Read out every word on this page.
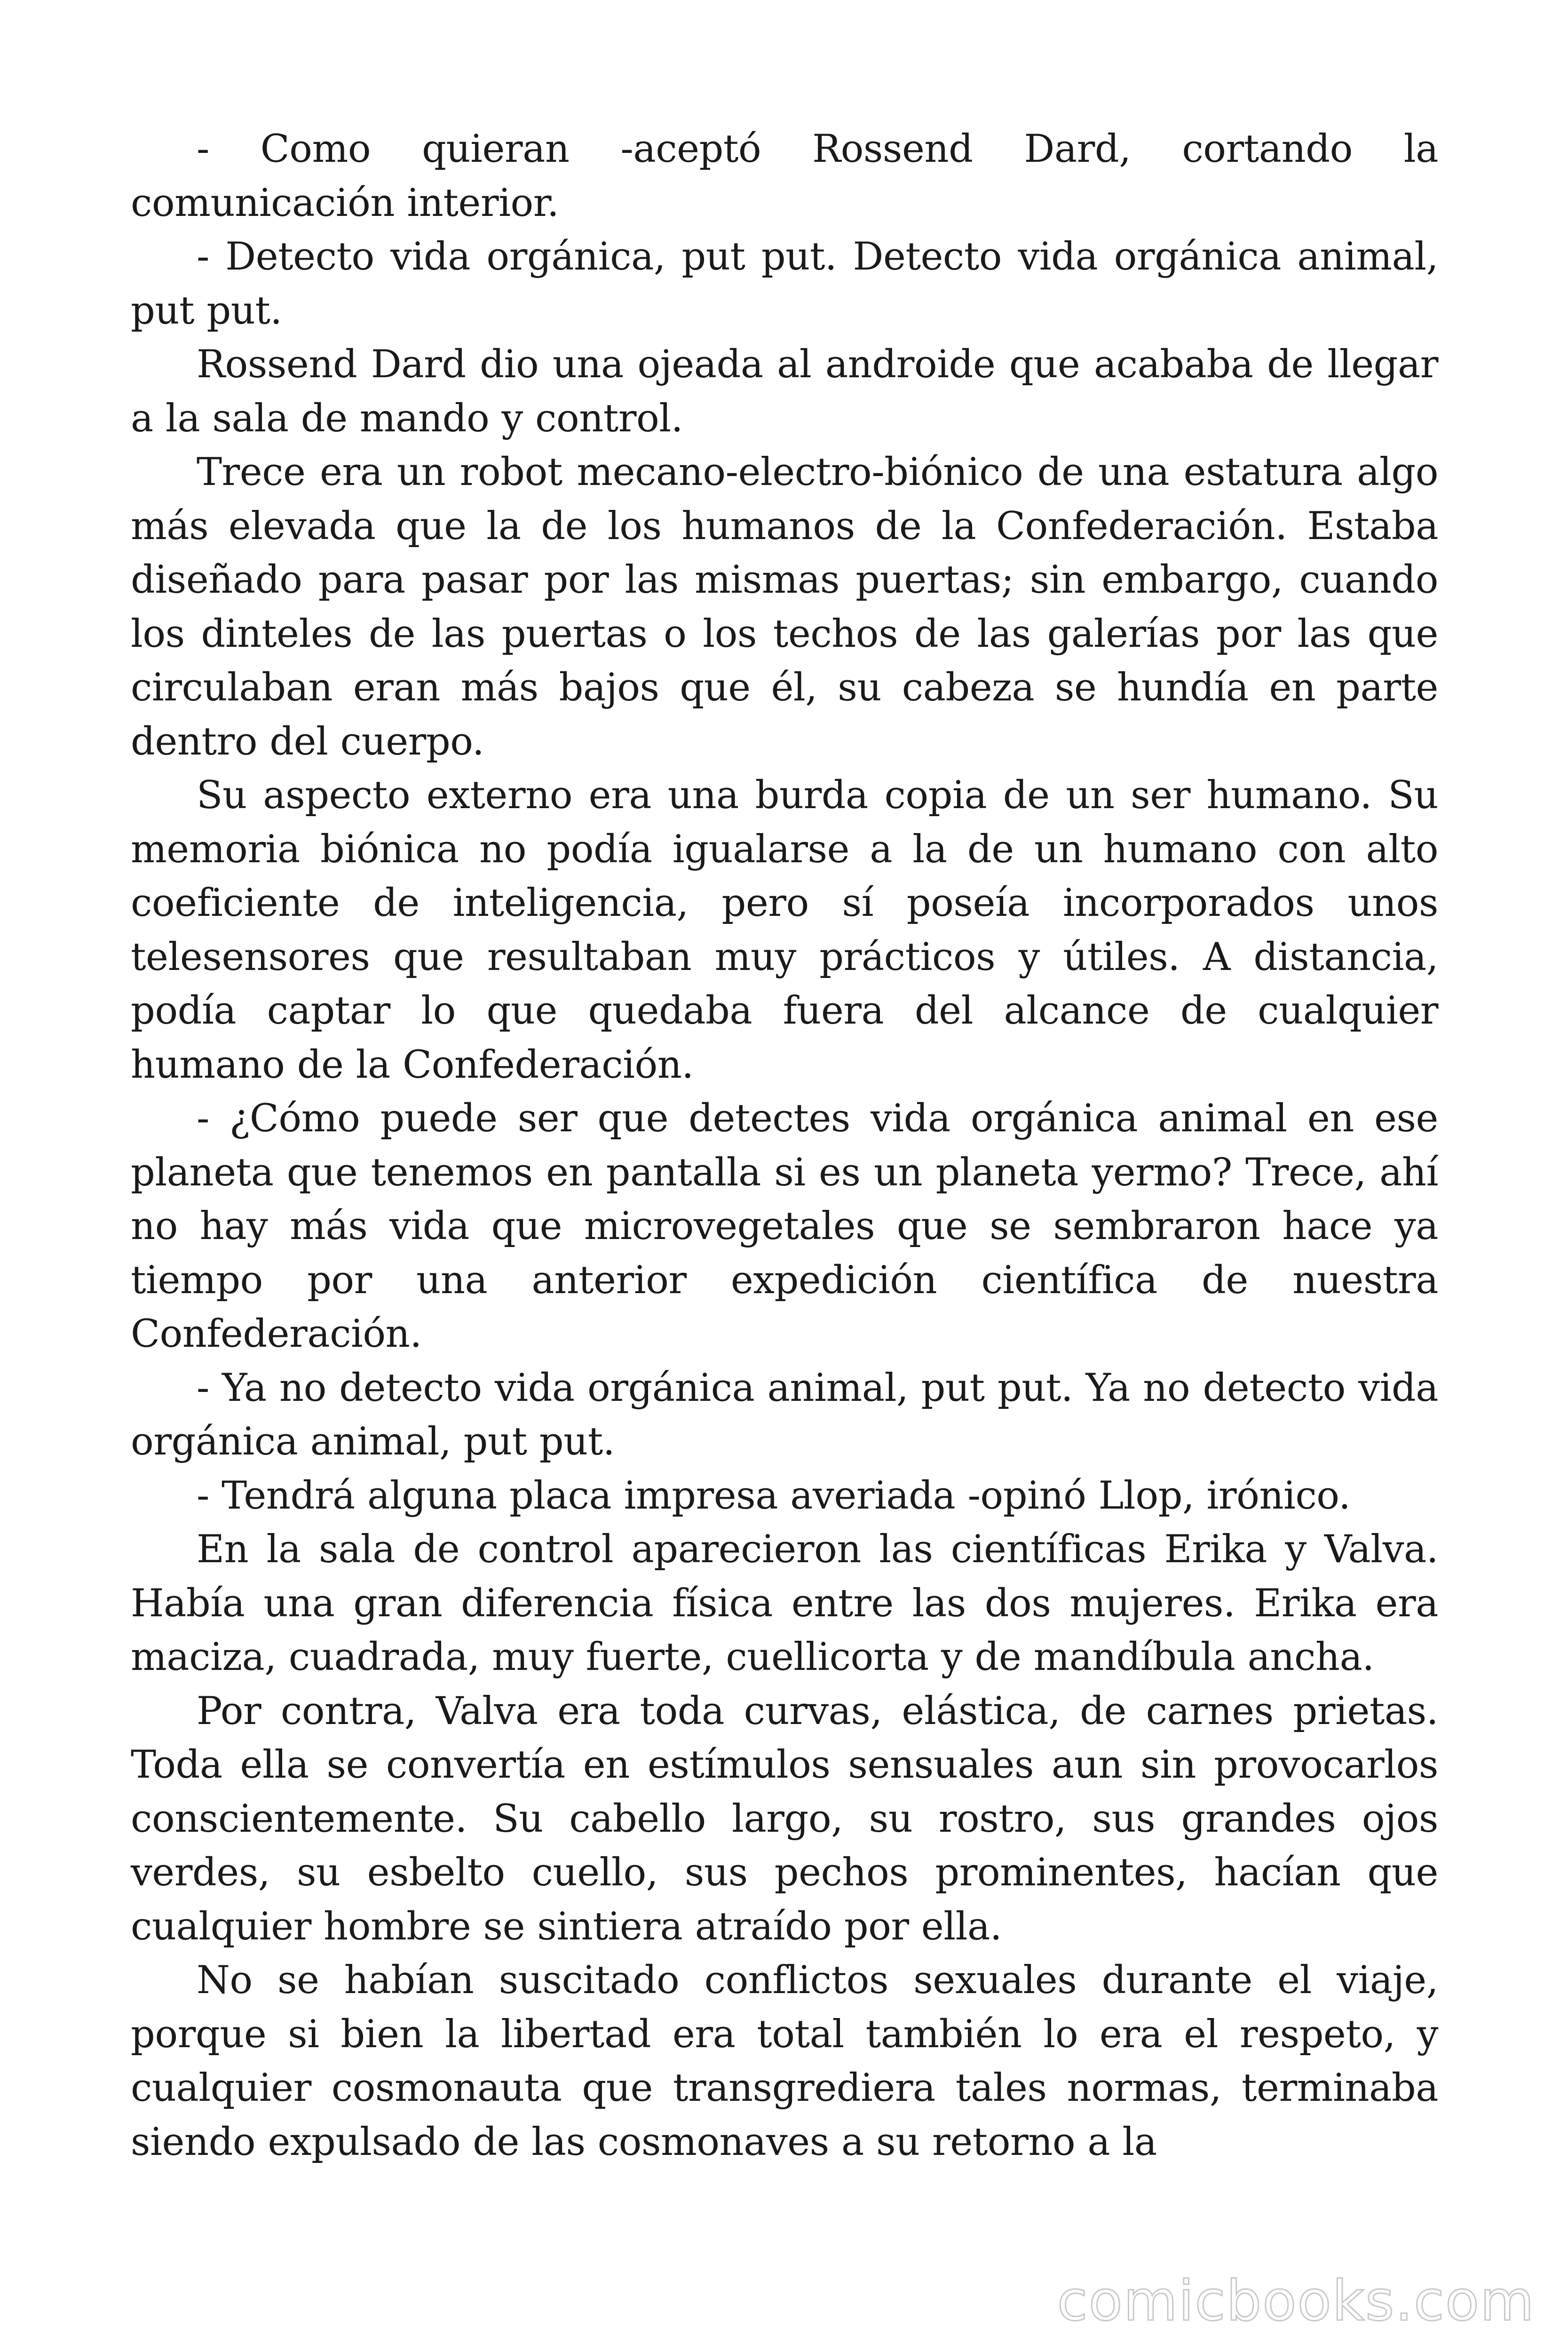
- Como quieran -aceptó Rossend Dard, cortando la comunicación interior.

- Detecto vida orgánica, put put. Detecto vida orgánica animal, put put.

Rossend Dard dio una ojeada al androide que acababa de llegar a la sala de mando y control.

Trece era un robot mecano-electro-biónico de una estatura algo más elevada que la de los humanos de la Confederación. Estaba diseñado para pasar por las mismas puertas; sin embargo, cuando los dinteles de las puertas o los techos de las galerías por las que circulaban eran más bajos que él, su cabeza se hundía en parte dentro del cuerpo.

Su aspecto externo era una burda copia de un ser humano. Su memoria biónica no podía igualarse a la de un humano con alto coeficiente de inteligencia, pero sí poseía incorporados unos telesensores que resultaban muy prácticos y útiles. A distancia, podía captar lo que quedaba fuera del alcance de cualquier humano de la Confederación.

- ¿Cómo puede ser que detectes vida orgánica animal en ese planeta que tenemos en pantalla si es un planeta yermo? Trece, ahí no hay más vida que microvegetales que se sembraron hace ya tiempo por una anterior expedición científica de nuestra Confederación.

- Ya no detecto vida orgánica animal, put put. Ya no detecto vida orgánica animal, put put.

- Tendrá alguna placa impresa averiada -opinó Llop, irónico.

En la sala de control aparecieron las científicas Erika y Valva. Había una gran diferencia física entre las dos mujeres. Erika era maciza, cuadrada, muy fuerte, cuellicorta y de mandíbula ancha.

Por contra, Valva era toda curvas, elástica, de carnes prietas. Toda ella se convertía en estímulos sensuales aun sin provocarlos conscientemente. Su cabello largo, su rostro, sus grandes ojos verdes, su esbelto cuello, sus pechos prominentes, hacían que cualquier hombre se sintiera atraído por ella.

No se habían suscitado conflictos sexuales durante el viaje, porque si bien la libertad era total también lo era el respeto, y cualquier cosmonauta que transgrediera tales normas, terminaba siendo expulsado de las cosmonaves a su retorno a la

comicbooks.com
